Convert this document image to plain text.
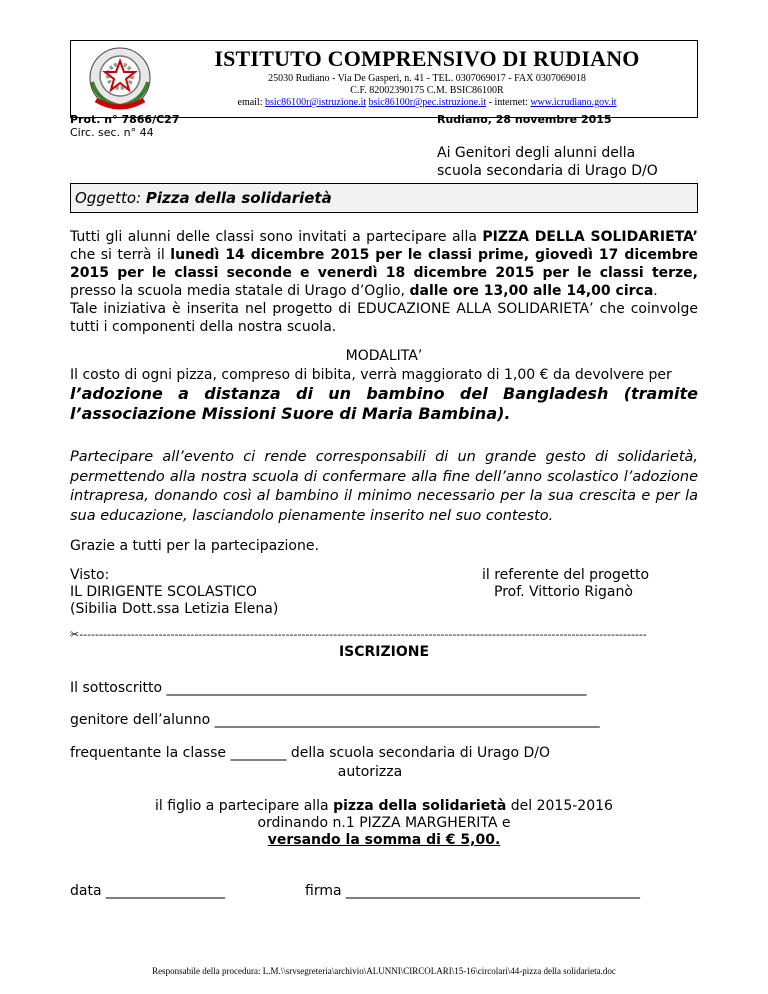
ISTITUTO COMPRENSIVO DI RUDIANO
25030 Rudiano - Via De Gasperi, n. 41 - TEL. 0307069017 - FAX 0307069018
C.F. 82002390175 C.M. BSIC86100R
email: bsic86100r@istruzione.it bsic86100r@pec.istruzione.it - internet: www.icrudiano.gov.it
Prot. n° 7866/C27
Circ. sec. n° 44
Rudiano, 28 novembre 2015
Ai Genitori degli alunni della
scuola secondaria di Urago D/O
Oggetto: Pizza della solidarietà
Tutti gli alunni delle classi sono invitati a partecipare alla PIZZA DELLA SOLIDARIETA’ che si terrà il lunedì 14 dicembre 2015 per le classi prime, giovedì 17 dicembre 2015 per le classi seconde e venerdì 18 dicembre 2015 per le classi terze, presso la scuola media statale di Urago d’Oglio, dalle ore 13,00 alle 14,00 circa.
Tale iniziativa è inserita nel progetto di EDUCAZIONE ALLA SOLIDARIETA’ che coinvolge tutti i componenti della nostra scuola.
MODALITA’
Il costo di ogni pizza, compreso di bibita, verrà maggiorato di 1,00 € da devolvere per
l’adozione a distanza di un bambino del Bangladesh (tramite l’associazione Missioni Suore di Maria Bambina).
Partecipare all’evento ci rende corresponsabili di un grande gesto di solidarietà, permettendo alla nostra scuola di confermare alla fine dell’anno scolastico l’adozione intrapresa, donando così al bambino il minimo necessario per la sua crescita e per la sua educazione, lasciandolo pienamente inserito nel suo contesto.
Grazie a tutti per la partecipazione.
Visto:
IL DIRIGENTE SCOLASTICO
(Sibilia Dott.ssa Letizia Elena)
il referente del progetto
Prof. Vittorio Riganò
✂-----------------------------------------------------------------------------------------------------------------------------------------------
ISCRIZIONE
Il sottoscritto ____________________________________________________________
genitore dell’alunno _______________________________________________________
frequentante la classe ________ della scuola secondaria di Urago D/O
autorizza
il figlio a partecipare alla pizza della solidarietà del 2015-2016
ordinando n.1 PIZZA MARGHERITA e
versando la somma di € 5,00.
data _________________	firma __________________________________________
Responsabile della procedura: L.M.\\srvsegreteria\archivio\ALUNNI\CIRCOLARI\15-16\circolari\44-pizza della solidarieta.doc
